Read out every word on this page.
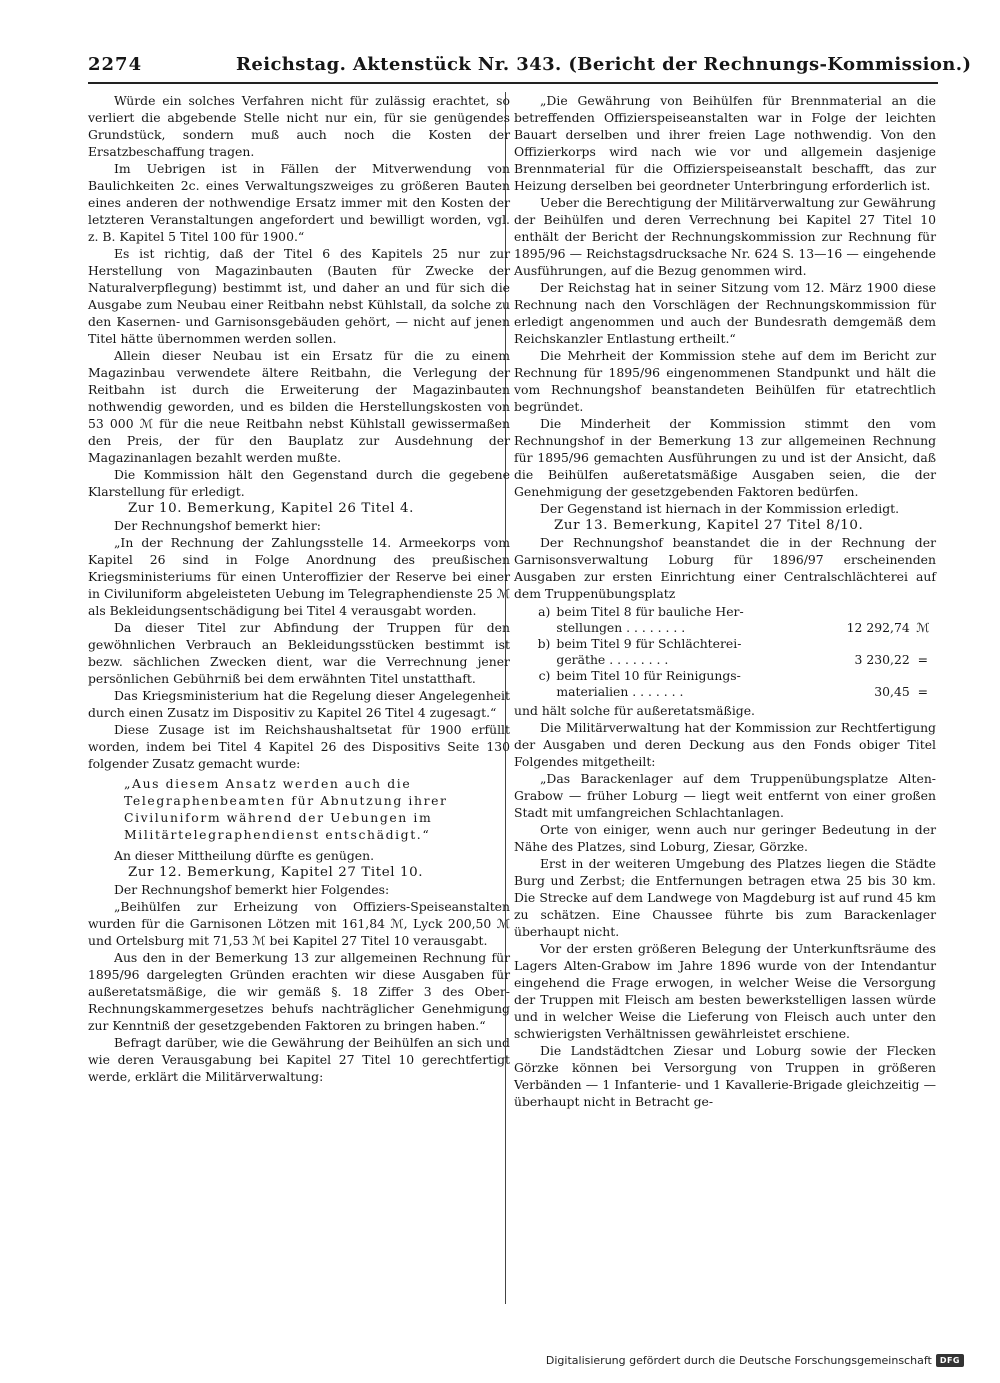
2274	Reichstag. Aktenstück Nr. 343. (Bericht der Rechnungs-Kommission.)

Würde ein solches Verfahren nicht für zulässig erachtet, so verliert die abgebende Stelle nicht nur ein, für sie genügendes Grundstück, sondern muß auch noch die Kosten der Ersatzbeschaffung tragen.

Im Uebrigen ist in Fällen der Mitverwendung von Baulichkeiten 2c. eines Verwaltungszweiges zu größeren Bauten eines anderen der nothwendige Ersatz immer mit den Kosten der letzteren Veranstaltungen angefordert und bewilligt worden, vgl. z. B. Kapitel 5 Titel 100 für 1900.“

Es ist richtig, daß der Titel 6 des Kapitels 25 nur zur Herstellung von Magazinbauten (Bauten für Zwecke der Naturalverpflegung) bestimmt ist, und daher an und für sich die Ausgabe zum Neubau einer Reitbahn nebst Kühlstall, da solche zu den Kasernen- und Garnisonsgebäuden gehört, — nicht auf jenen Titel hätte übernommen werden sollen.

Allein dieser Neubau ist ein Ersatz für die zu einem Magazinbau verwendete ältere Reitbahn, die Verlegung der Reitbahn ist durch die Erweiterung der Magazinbauten nothwendig geworden, und es bilden die Herstellungskosten von 53 000 ℳ für die neue Reitbahn nebst Kühlstall gewissermaßen den Preis, der für den Bauplatz zur Ausdehnung der Magazinanlagen bezahlt werden mußte.

Die Kommission hält den Gegenstand durch die gegebene Klarstellung für erledigt.

Zur 10. Bemerkung, Kapitel 26 Titel 4.

Der Rechnungshof bemerkt hier:

„In der Rechnung der Zahlungsstelle 14. Armeekorps vom Kapitel 26 sind in Folge Anordnung des preußischen Kriegsministeriums für einen Unteroffizier der Reserve bei einer in Civiluniform abgeleisteten Uebung im Telegraphendienste 25 ℳ als Bekleidungsentschädigung bei Titel 4 verausgabt worden.

Da dieser Titel zur Abfindung der Truppen für den gewöhnlichen Verbrauch an Bekleidungsstücken bestimmt ist bezw. sächlichen Zwecken dient, war die Verrechnung jener persönlichen Gebührniß bei dem erwähnten Titel unstatthaft.

Das Kriegsministerium hat die Regelung dieser Angelegenheit durch einen Zusatz im Dispositiv zu Kapitel 26 Titel 4 zugesagt.“

Diese Zusage ist im Reichshaushaltsetat für 1900 erfüllt worden, indem bei Titel 4 Kapitel 26 des Dispositivs Seite 130 folgender Zusatz gemacht wurde:

„Aus diesem Ansatz werden auch die Telegraphenbeamten für Abnutzung ihrer Civiluniform während der Uebungen im Militärtelegraphendienst entschädigt.“

An dieser Mittheilung dürfte es genügen.

Zur 12. Bemerkung, Kapitel 27 Titel 10.

Der Rechnungshof bemerkt hier Folgendes:

„Beihülfen zur Erheizung von Offiziers-Speiseanstalten wurden für die Garnisonen Lötzen mit 161,84 ℳ, Lyck 200,50 ℳ und Ortelsburg mit 71,53 ℳ bei Kapitel 27 Titel 10 verausgabt.

Aus den in der Bemerkung 13 zur allgemeinen Rechnung für 1895/96 dargelegten Gründen erachten wir diese Ausgaben für außeretatsmäßige, die wir gemäß §. 18 Ziffer 3 des Ober-Rechnungskammergesetzes behufs nachträglicher Genehmigung zur Kenntniß der gesetzgebenden Faktoren zu bringen haben.“

Befragt darüber, wie die Gewährung der Beihülfen an sich und wie deren Verausgabung bei Kapitel 27 Titel 10 gerechtfertigt werde, erklärt die Militärverwaltung:

„Die Gewährung von Beihülfen für Brennmaterial an die betreffenden Offizierspeiseanstalten war in Folge der leichten Bauart derselben und ihrer freien Lage nothwendig. Von den Offizierkorps wird nach wie vor und allgemein dasjenige Brennmaterial für die Offizierspeiseanstalt beschafft, das zur Heizung derselben bei geordneter Unterbringung erforderlich ist.

Ueber die Berechtigung der Militärverwaltung zur Gewährung der Beihülfen und deren Verrechnung bei Kapitel 27 Titel 10 enthält der Bericht der Rechnungskommission zur Rechnung für 1895/96 — Reichstagsdrucksache Nr. 624 S. 13—16 — eingehende Ausführungen, auf die Bezug genommen wird.

Der Reichstag hat in seiner Sitzung vom 12. März 1900 diese Rechnung nach den Vorschlägen der Rechnungskommission für erledigt angenommen und auch der Bundesrath demgemäß dem Reichskanzler Entlastung ertheilt.“

Die Mehrheit der Kommission stehe auf dem im Bericht zur Rechnung für 1895/96 eingenommenen Standpunkt und hält die vom Rechnungshof beanstandeten Beihülfen für etatrechtlich begründet.

Die Minderheit der Kommission stimmt den vom Rechnungshof in der Bemerkung 13 zur allgemeinen Rechnung für 1895/96 gemachten Ausführungen zu und ist der Ansicht, daß die Beihülfen außeretatsmäßige Ausgaben seien, die der Genehmigung der gesetzgebenden Faktoren bedürfen.

Der Gegenstand ist hiernach in der Kommission erledigt.

Zur 13. Bemerkung, Kapitel 27 Titel 8/10.

Der Rechnungshof beanstandet die in der Rechnung der Garnisonsverwaltung Loburg für 1896/97 erscheinenden Ausgaben zur ersten Einrichtung einer Centralschlächterei auf dem Truppenübungsplatz

a)	beim Titel 8 für bauliche Her-
stellungen . . . . . . . .	12 292,74	ℳ
b)	beim Titel 9 für Schlächterei-
geräthe . . . . . . . .	3 230,22	=
c)	beim Titel 10 für Reinigungs-
materialien . . . . . . .	30,45	=

und hält solche für außeretatsmäßige.

Die Militärverwaltung hat der Kommission zur Rechtfertigung der Ausgaben und deren Deckung aus den Fonds obiger Titel Folgendes mitgetheilt:

„Das Barackenlager auf dem Truppenübungsplatze Alten-Grabow — früher Loburg — liegt weit entfernt von einer großen Stadt mit umfangreichen Schlachtanlagen.

Orte von einiger, wenn auch nur geringer Bedeutung in der Nähe des Platzes, sind Loburg, Ziesar, Görzke.

Erst in der weiteren Umgebung des Platzes liegen die Städte Burg und Zerbst; die Entfernungen betragen etwa 25 bis 30 km. Die Strecke auf dem Landwege von Magdeburg ist auf rund 45 km zu schätzen. Eine Chaussee führte bis zum Barackenlager überhaupt nicht.

Vor der ersten größeren Belegung der Unterkunftsräume des Lagers Alten-Grabow im Jahre 1896 wurde von der Intendantur eingehend die Frage erwogen, in welcher Weise die Versorgung der Truppen mit Fleisch am besten bewerkstelligen lassen würde und in welcher Weise die Lieferung von Fleisch auch unter den schwierigsten Verhältnissen gewährleistet erschiene.

Die Landstädtchen Ziesar und Loburg sowie der Flecken Görzke können bei Versorgung von Truppen in größeren Verbänden — 1 Infanterie- und 1 Kavallerie-Brigade gleichzeitig — überhaupt nicht in Betracht ge-

Digitalisierung gefördert durch die Deutsche Forschungsgemeinschaft	DFG
